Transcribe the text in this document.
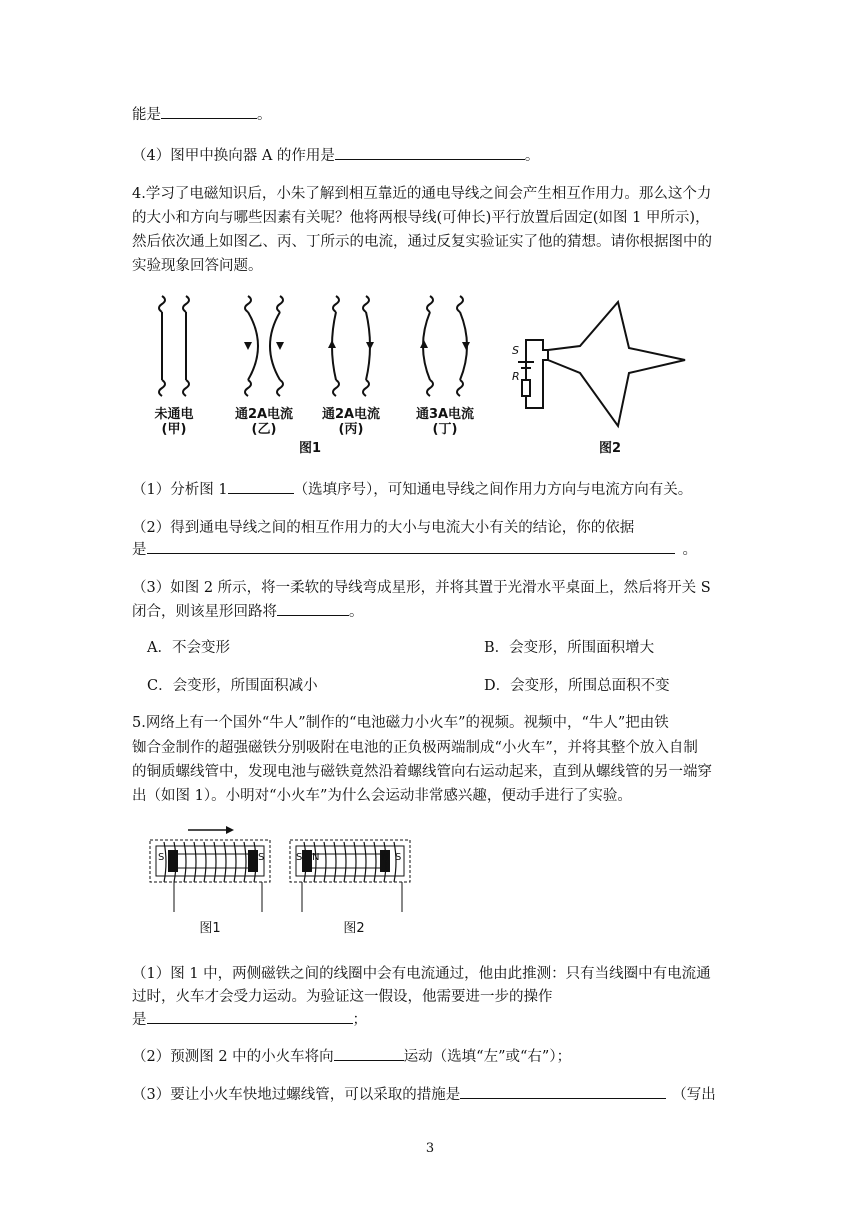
能是	。
（4）图甲中换向器 A 的作用是	。
4.学习了电磁知识后，小朱了解到相互靠近的通电导线之间会产生相互作用力。那么这个力
的大小和方向与哪些因素有关呢？他将两根导线(可伸长)平行放置后固定(如图 1 甲所示)，
然后依次通上如图乙、丙、丁所示的电流，通过反复实验证实了他的猜想。请你根据图中的
实验现象回答问题。
未通电
(甲)
通2A电流
(乙)
通2A电流
(丙)
通3A电流
(丁)
图1	图2
S
R
（1）分析图 1	（选填序号），可知通电导线之间作用力方向与电流方向有关。
（2）得到通电导线之间的相互作用力的大小与电流大小有关的结论，你的依据
是	。
（3）如图 2 所示，将一柔软的导线弯成星形，并将其置于光滑水平桌面上，然后将开关 S
闭合，则该星形回路将	。
A．不会变形	B．会变形，所围面积增大
C．会变形，所围面积减小	D．会变形，所围总面积不变
5.网络上有一个国外“牛人”制作的“电池磁力小火车”的视频。视频中，“牛人”把由铁
铷合金制作的超强磁铁分别吸附在电池的正负极两端制成“小火车”，并将其整个放入自制
的铜质螺线管中，发现电池与磁铁竟然沿着螺线管向右运动起来，直到从螺线管的另一端穿
出（如图 1）。小明对“小火车”为什么会运动非常感兴趣，便动手进行了实验。
S N	N S
图1
S N	N S
图2
（1）图 1 中，两侧磁铁之间的线圈中会有电流通过，他由此推测：只有当线圈中有电流通
过时，火车才会受力运动。为验证这一假设，他需要进一步的操作
是	；
（2）预测图 2 中的小火车将向	运动（选填“左”或“右”）；
（3）要让小火车快地过螺线管，可以采取的措施是	（写出
3
